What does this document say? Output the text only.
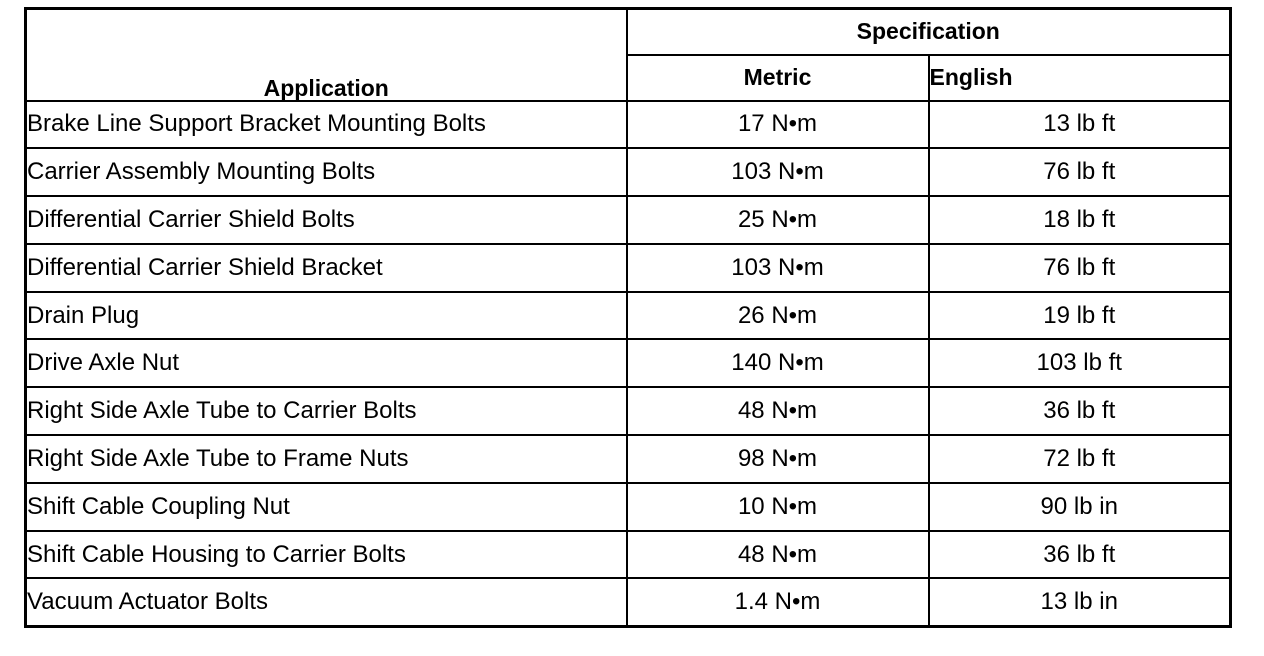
Application	Specification	
	Metric	English
Brake Line Support Bracket Mounting Bolts	17 N•m	13 lb ft
Carrier Assembly Mounting Bolts	103 N•m	76 lb ft
Differential Carrier Shield Bolts	25 N•m	18 lb ft
Differential Carrier Shield Bracket	103 N•m	76 lb ft
Drain Plug	26 N•m	19 lb ft
Drive Axle Nut	140 N•m	103 lb ft
Right Side Axle Tube to Carrier Bolts	48 N•m	36 lb ft
Right Side Axle Tube to Frame Nuts	98 N•m	72 lb ft
Shift Cable Coupling Nut	10 N•m	90 lb in
Shift Cable Housing to Carrier Bolts	48 N•m	36 lb ft
Vacuum Actuator Bolts	1.4 N•m	13 lb in
